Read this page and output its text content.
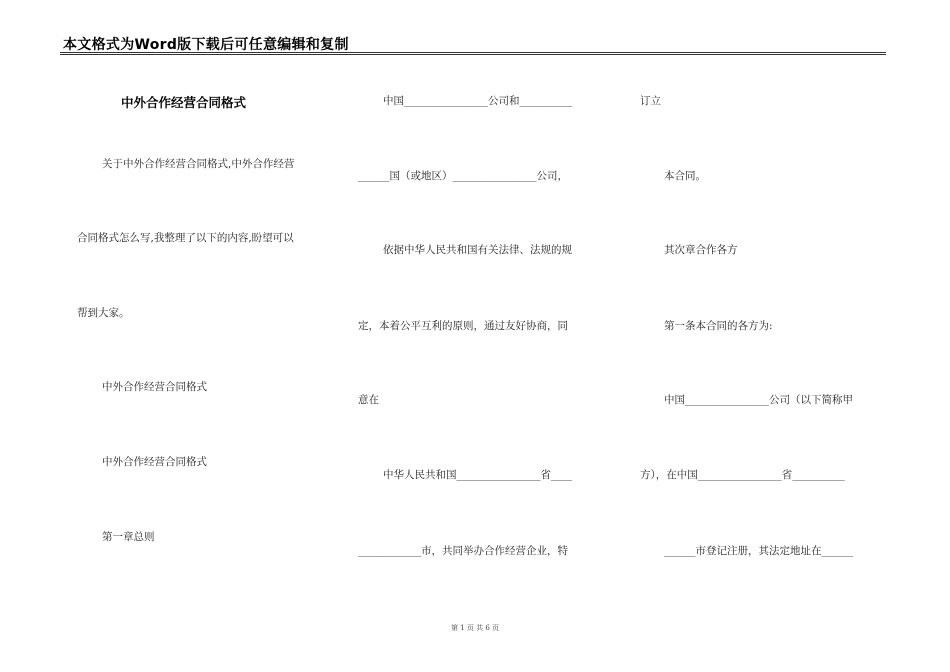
本文格式为Word版下载后可任意编辑和复制
中外合作经营合同格式
关于中外合作经营合同格式,中外合作经营
合同格式怎么写,我整理了以下的内容,盼望可以
帮到大家。
中外合作经营合同格式
中外合作经营合同格式
第一章总则
中国________________公司和__________
______国（或地区）________________公司，
依据中华人民共和国有关法律、法规的规
定，本着公平互利的原则，通过友好协商，同
意在
中华人民共和国________________省____
____________市，共同举办合作经营企业，特
订立
本合同。
其次章合作各方
第一条本合同的各方为:
中国________________公司（以下简称甲
方），在中国________________省__________
______市登记注册，其法定地址在______
第 1 页 共 6 页
